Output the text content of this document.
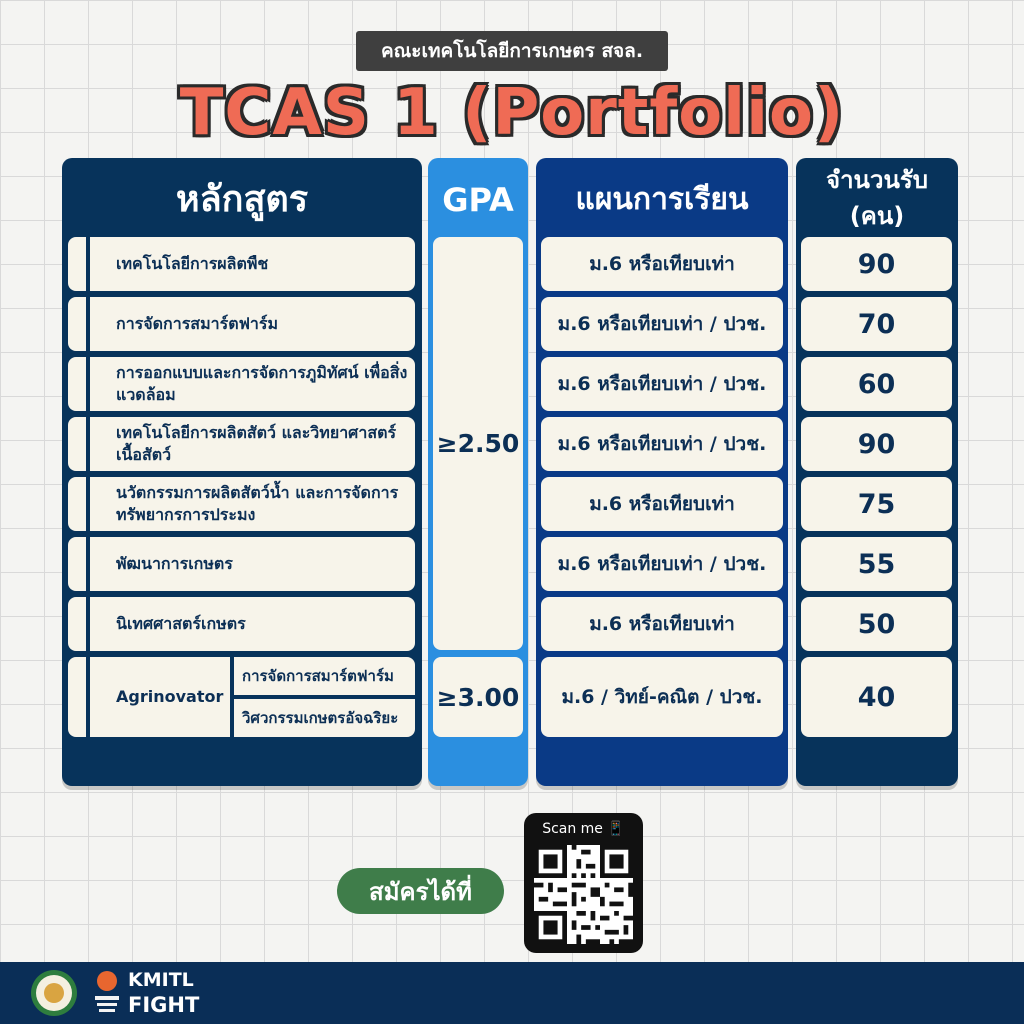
คณะเทคโนโลยีการเกษตร สจล.
TCAS 1 (Portfolio)
หลักสูตร	GPA	แผนการเรียน
จำนวนรับ
(คน)
เทคโนโลยีการผลิตพืช
การจัดการสมาร์ตฟาร์ม
การออกแบบและการจัดการภูมิทัศน์ เพื่อสิ่งแวดล้อม
เทคโนโลยีการผลิตสัตว์ และวิทยาศาสตร์เนื้อสัตว์
นวัตกรรมการผลิตสัตว์น้ำ และการจัดการทรัพยากรการประมง
พัฒนาการเกษตร
นิเทศศาสตร์เกษตร
Agrinovator
การจัดการสมาร์ตฟาร์ม
วิศวกรรมเกษตรอัจฉริยะ
≥2.50
≥3.00
ม.6 หรือเทียบเท่า
ม.6 หรือเทียบเท่า / ปวช.
ม.6 หรือเทียบเท่า / ปวช.
ม.6 หรือเทียบเท่า / ปวช.
ม.6 หรือเทียบเท่า
ม.6 หรือเทียบเท่า / ปวช.
ม.6 หรือเทียบเท่า
ม.6 / วิทย์-คณิต / ปวช.
90
70
60
90
75
55
50
40
สมัครได้ที่
Scan me 📱
KMITL
FIGHT
